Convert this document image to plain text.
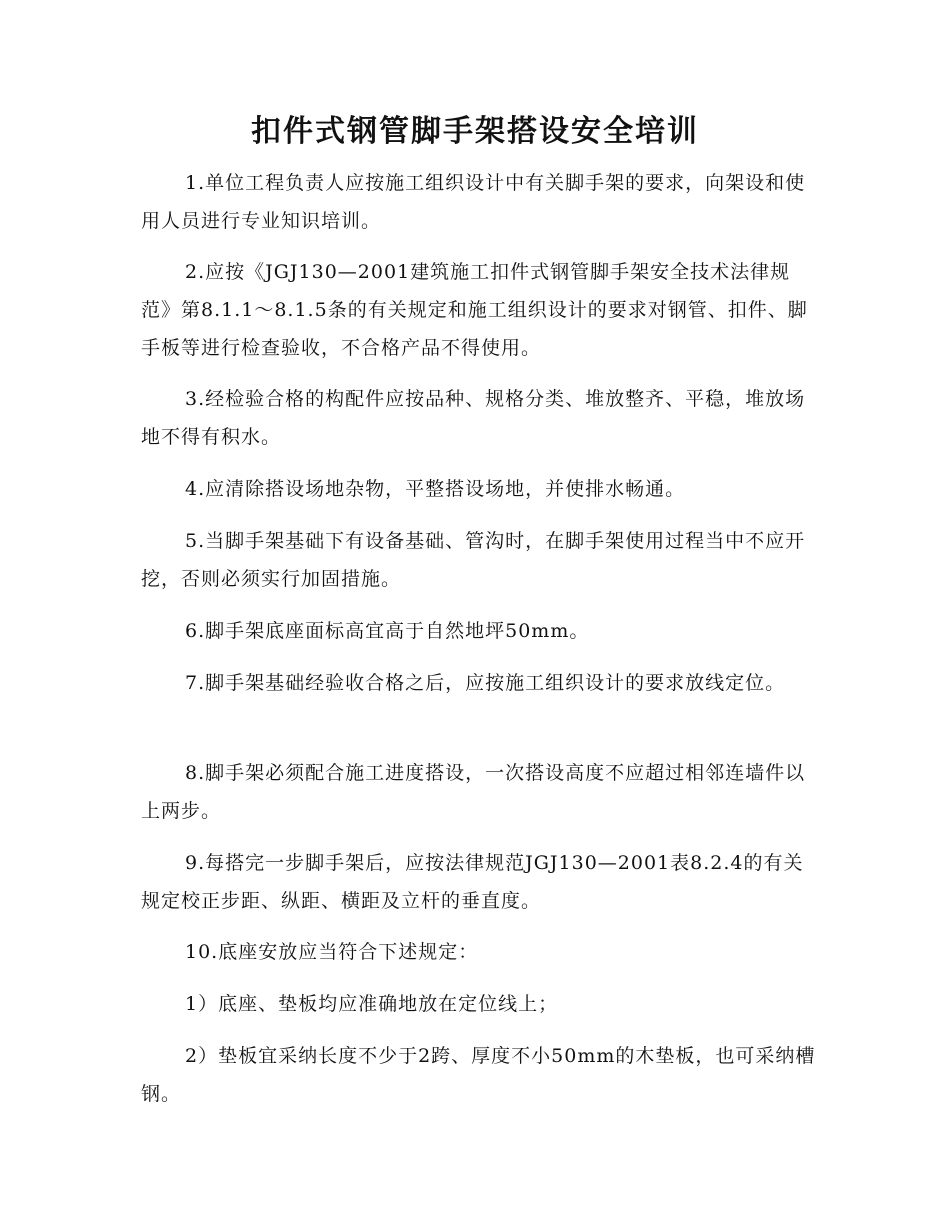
扣件式钢管脚手架搭设安全培训

1.单位工程负责人应按施工组织设计中有关脚手架的要求，向架设和使用人员进行专业知识培训。

2.应按《JGJ130—2001建筑施工扣件式钢管脚手架安全技术法律规范》第8.1.1～8.1.5条的有关规定和施工组织设计的要求对钢管、扣件、脚手板等进行检查验收，不合格产品不得使用。

3.经检验合格的构配件应按品种、规格分类、堆放整齐、平稳，堆放场地不得有积水。

4.应清除搭设场地杂物，平整搭设场地，并使排水畅通。

5.当脚手架基础下有设备基础、管沟时，在脚手架使用过程当中不应开挖，否则必须实行加固措施。

6.脚手架底座面标高宜高于自然地坪50mm。

7.脚手架基础经验收合格之后，应按施工组织设计的要求放线定位。

8.脚手架必须配合施工进度搭设，一次搭设高度不应超过相邻连墙件以上两步。

9.每搭完一步脚手架后，应按法律规范JGJ130—2001表8.2.4的有关规定校正步距、纵距、横距及立杆的垂直度。

10.底座安放应当符合下述规定：

1）底座、垫板均应准确地放在定位线上；

2）垫板宜采纳长度不少于2跨、厚度不小50mm的木垫板，也可采纳槽钢。
